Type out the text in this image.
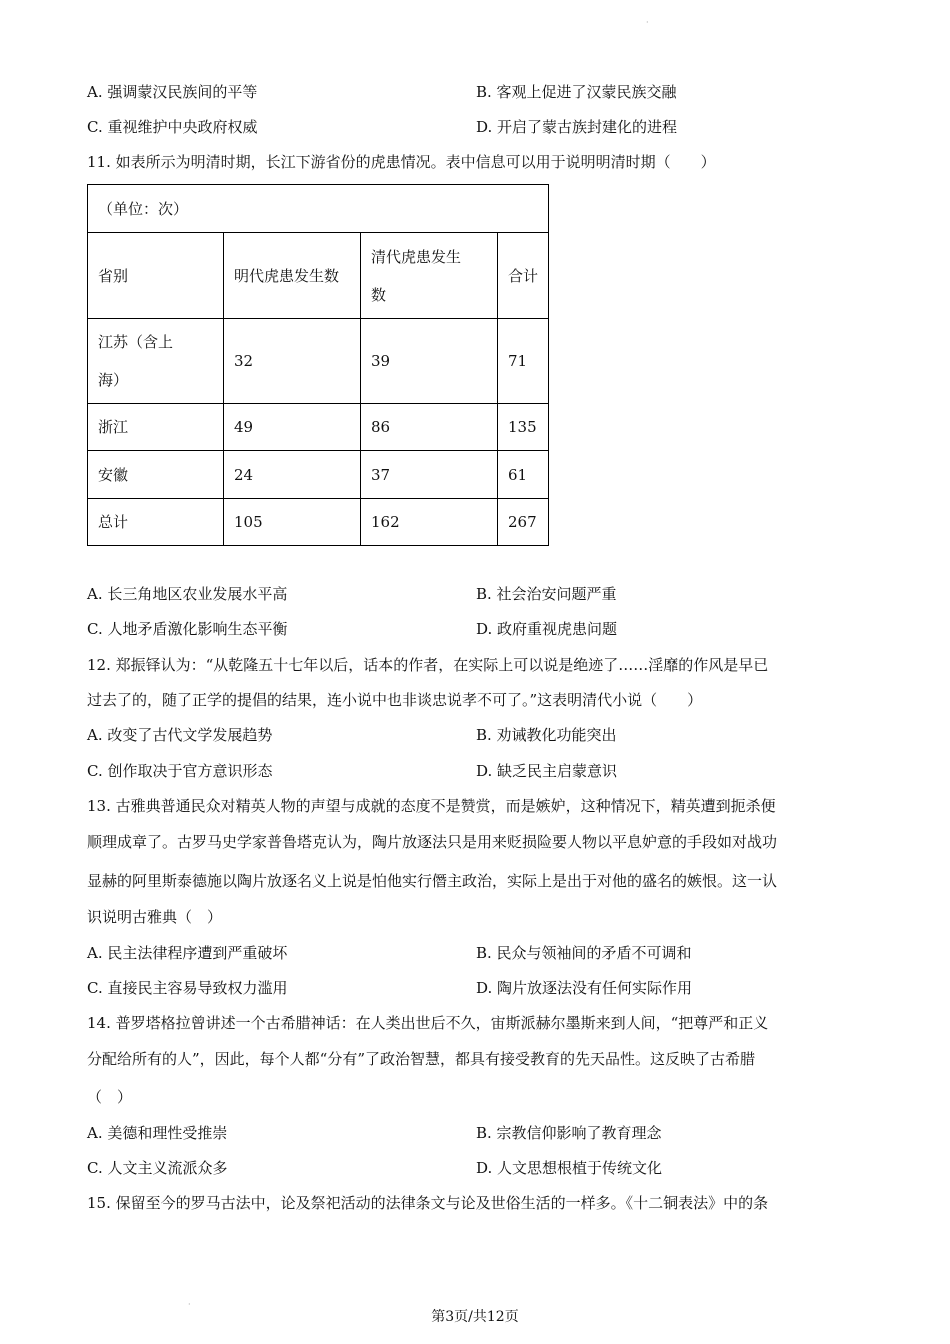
A. 强调蒙汉民族间的平等	B. 客观上促进了汉蒙民族交融
C. 重视维护中央政府权威	D. 开启了蒙古族封建化的进程
11. 如表所示为明清时期，长江下游省份的虎患情况。表中信息可以用于说明明清时期（　　）
（单位：次）			
省别	明代虎患发生数	清代虎患发生
数	合计
江苏（含上
海）	32	39	71
浙江	49	86	135
安徽	24	37	61
总计	105	162	267
A. 长三角地区农业发展水平高	B. 社会治安问题严重
C. 人地矛盾激化影响生态平衡	D. 政府重视虎患问题
12. 郑振铎认为：“从乾隆五十七年以后，话本的作者，在实际上可以说是绝迹了……淫靡的作风是早已
过去了的，随了正学的提倡的结果，连小说中也非谈忠说孝不可了。”这表明清代小说（　　）
A. 改变了古代文学发展趋势	B. 劝诫教化功能突出
C. 创作取决于官方意识形态	D. 缺乏民主启蒙意识
13. 古雅典普通民众对精英人物的声望与成就的态度不是赞赏，而是嫉妒，这种情况下，精英遭到扼杀便
顺理成章了。古罗马史学家普鲁塔克认为，陶片放逐法只是用来贬损险要人物以平息妒意的手段如对战功
显赫的阿里斯泰德施以陶片放逐名义上说是怕他实行僭主政治，实际上是出于对他的盛名的嫉恨。这一认
识说明古雅典（　）
A. 民主法律程序遭到严重破坏	B. 民众与领袖间的矛盾不可调和
C. 直接民主容易导致权力滥用	D. 陶片放逐法没有任何实际作用
14. 普罗塔格拉曾讲述一个古希腊神话：在人类出世后不久，宙斯派赫尔墨斯来到人间，“把尊严和正义
分配给所有的人”，因此，每个人都“分有”了政治智慧，都具有接受教育的先天品性。这反映了古希腊
（　）
A. 美德和理性受推崇	B. 宗教信仰影响了教育理念
C. 人文主义流派众多	D. 人文思想根植于传统文化
15. 保留至今的罗马古法中，论及祭祀活动的法律条文与论及世俗生活的一样多。《十二铜表法》中的条
·
·
第3页/共12页
